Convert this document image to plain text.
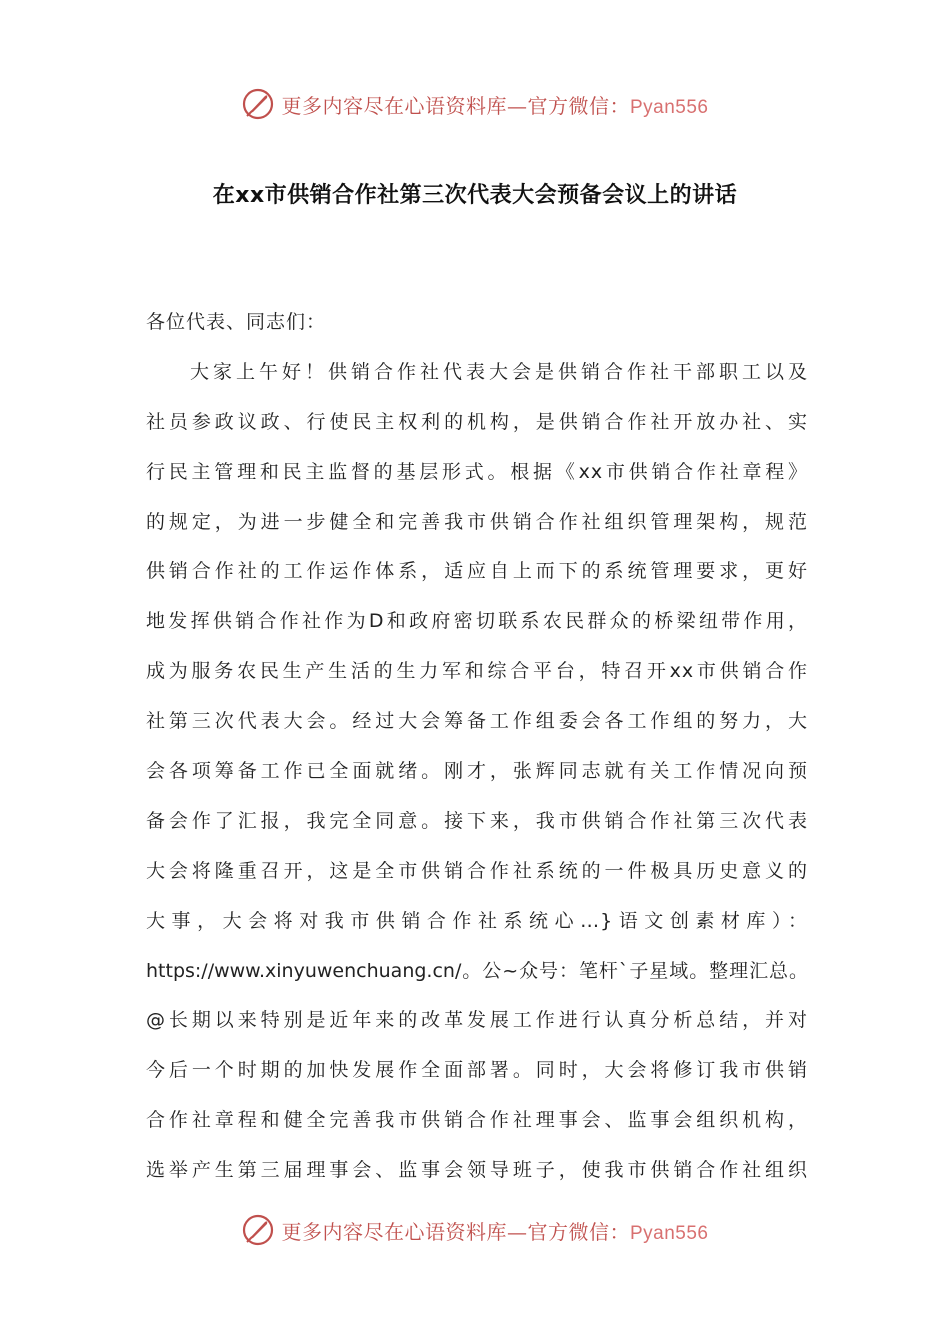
更多内容尽在心语资料库—官方微信：Pyan556
在xx市供销合作社第三次代表大会预备会议上的讲话
各位代表、同志们：
大家上午好！供销合作社代表大会是供销合作社干部职工以及
社员参政议政、行使民主权利的机构，是供销合作社开放办社、实
行民主管理和民主监督的基层形式。根据《xx市供销合作社章程》
的规定，为进一步健全和完善我市供销合作社组织管理架构，规范
供销合作社的工作运作体系，适应自上而下的系统管理要求，更好
地发挥供销合作社作为D和政府密切联系农民群众的桥梁纽带作用，
成为服务农民生产生活的生力军和综合平台，特召开xx市供销合作
社第三次代表大会。经过大会筹备工作组委会各工作组的努力，大
会各项筹备工作已全面就绪。刚才，张辉同志就有关工作情况向预
备会作了汇报，我完全同意。接下来，我市供销合作社第三次代表
大会将隆重召开，这是全市供销合作社系统的一件极具历史意义的
大事，大会将对我市供销合作社系统心…}语文创素材库）：
https://www.xinyuwenchuang.cn/。公~众号：笔杆`子星域。整理汇总。
@长期以来特别是近年来的改革发展工作进行认真分析总结，并对
今后一个时期的加快发展作全面部署。同时，大会将修订我市供销
合作社章程和健全完善我市供销合作社理事会、监事会组织机构，
选举产生第三届理事会、监事会领导班子，使我市供销合作社组织
更多内容尽在心语资料库—官方微信：Pyan556
